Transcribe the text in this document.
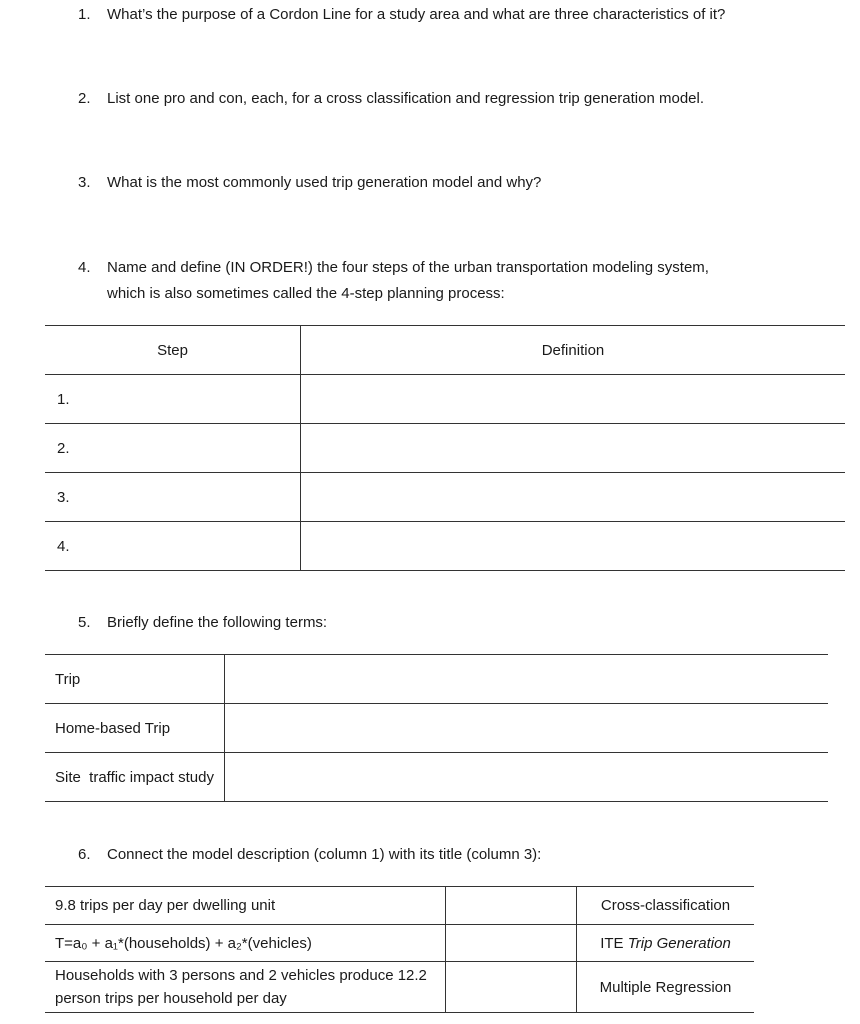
1. What’s the purpose of a Cordon Line for a study area and what are three characteristics of it?
2. List one pro and con, each, for a cross classification and regression trip generation model.
3. What is the most commonly used trip generation model and why?
4. Name and define (IN ORDER!) the four steps of the urban transportation modeling system,
which is also sometimes called the 4-step planning process:
Step	Definition
1.	
2.	
3.	
4.	
5. Briefly define the following terms:
Trip	
Home-based Trip	
Site  traffic impact study	
6. Connect the model description (column 1) with its title (column 3):
9.8 trips per day per dwelling unit		Cross-classification
T=a₀ + a₁*(households) + a₂*(vehicles)		ITE Trip Generation
Households with 3 persons and 2 vehicles produce 12.2 person trips per household per day		Multiple Regression
